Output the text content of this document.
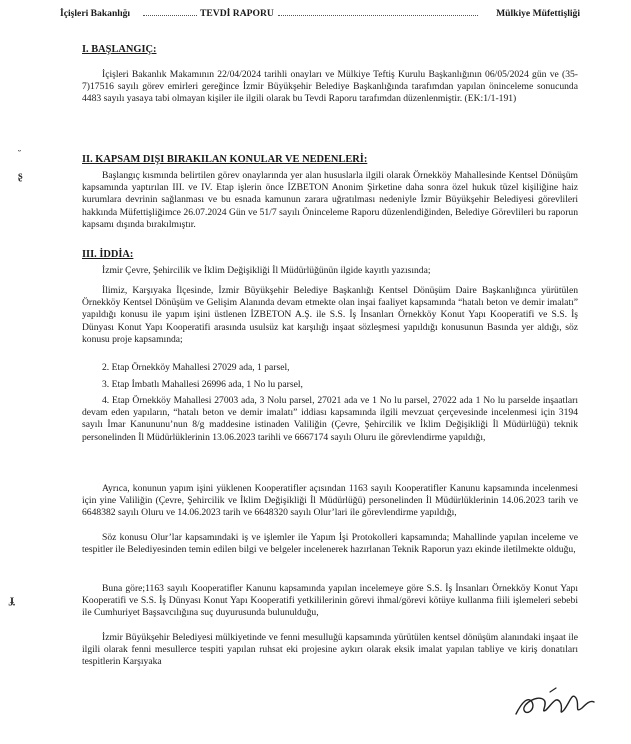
İçişleri Bakanlığı	TEVDİ RAPORU	Mülkiye Müfettişliği
I. BAŞLANGIÇ:

İçişleri Bakanlık Makamının 22/04/2024 tarihli onayları ve Mülkiye Teftiş Kurulu Başkanlığının 06/05/2024 gün ve (35-7)17516 sayılı görev emirleri gereğince İzmir Büyükşehir Belediye Başkanlığında tarafımdan yapılan öninceleme sonucunda 4483 sayılı yasaya tabi olmayan kişiler ile ilgili olarak bu Tevdi Raporu tarafımdan düzenlenmiştir. (EK:1/1-191)

II. KAPSAM DIŞI BIRAKILAN KONULAR VE NEDENLERİ:

Başlangıç kısmında belirtilen görev onaylarında yer alan hususlarla ilgili olarak Örnekköy Mahallesinde Kentsel Dönüşüm kapsamında yaptırılan III. ve IV. Etap işlerin önce İZBETON Anonim Şirketine daha sonra özel hukuk tüzel kişiliğine haiz kurumlara devrinin sağlanması ve bu esnada kamunun zarara uğratılması nedeniyle İzmir Büyükşehir Belediyesi görevlileri hakkında Müfettişliğimce 26.07.2024 Gün ve 51/7 sayılı Öninceleme Raporu düzenlendiğinden, Belediye Görevlileri bu raporun kapsamı dışında bırakılmıştır.

III. İDDİA:

İzmir Çevre, Şehircilik ve İklim Değişikliği İl Müdürlüğünün ilgide kayıtlı yazısında;

İlimiz, Karşıyaka İlçesinde, İzmir Büyükşehir Belediye Başkanlığı Kentsel Dönüşüm Daire Başkanlığınca yürütülen Örnekköy Kentsel Dönüşüm ve Gelişim Alanında devam etmekte olan inşai faaliyet kapsamında “hatalı beton ve demir imalatı” yapıldığı konusu ile yapım işini üstlenen İZBETON A.Ş. ile S.S. İş İnsanları Örnekköy Konut Yapı Kooperatifi ve S.S. İş Dünyası Konut Yapı Kooperatifi arasında usulsüz kat karşılığı inşaat sözleşmesi yapıldığı konusunun Basında yer aldığı, söz konusu proje kapsamında;

2. Etap Örnekköy Mahallesi 27029 ada, 1 parsel,
3. Etap İmbatlı Mahallesi 26996 ada, 1 No lu parsel,

4. Etap Örnekköy Mahallesi 27003 ada, 3 Nolu parsel, 27021 ada ve 1 No lu parsel, 27022 ada 1 No lu parselde inşaatları devam eden yapıların, “hatalı beton ve demir imalatı” iddiası kapsamında ilgili mevzuat çerçevesinde incelenmesi için 3194 sayılı İmar Kanununu’nun 8/g maddesine istinaden Valiliğin (Çevre, Şehircilik ve İklim Değişikliği İl Müdürlüğü) teknik personelinden İl Müdürlüklerinin 13.06.2023 tarihli ve 6667174 sayılı Oluru ile görevlendirme yapıldığı,

Ayrıca, konunun yapım işini yüklenen Kooperatifler açısından 1163 sayılı Kooperatifler Kanunu kapsamında incelenmesi için yine Valiliğin (Çevre, Şehircilik ve İklim Değişikliği İl Müdürlüğü) personelinden İl Müdürlüklerinin 14.06.2023 tarih ve 6648382 sayılı Oluru ve 14.06.2023 tarih ve 6648320 sayılı Olur’lari ile görevlendirme yapıldığı,

Söz konusu Olur’lar kapsamındaki iş ve işlemler ile Yapım İşi Protokolleri kapsamında; Mahallinde yapılan inceleme ve tespitler ile Belediyesinden temin edilen bilgi ve belgeler incelenerek hazırlanan Teknik Raporun yazı ekinde iletilmekte olduğu,

Buna göre;1163 sayılı Kooperatifler Kanunu kapsamında yapılan incelemeye göre S.S. İş İnsanları Örnekköy Konut Yapı Kooperatifi ve S.S. İş Dünyası Konut Yapı Kooperatifi yetkililerinin görevi ihmal/görevi kötüye kullanma fiili işlemeleri sebebi ile Cumhuriyet Başsavcılığına suç duyurusunda bulunulduğu,

İzmir Büyükşehir Belediyesi mülkiyetinde ve fenni mesulluğü kapsamında yürütülen kentsel dönüşüm alanındaki inşaat ile ilgili olarak fenni mesullerce tespiti yapılan ruhsat eki projesine aykırı olarak eksik imalat yapılan tabliye ve kiriş donatıları tespitlerin Karşıyaka

ᵕ
ʂ
ɟ̣
